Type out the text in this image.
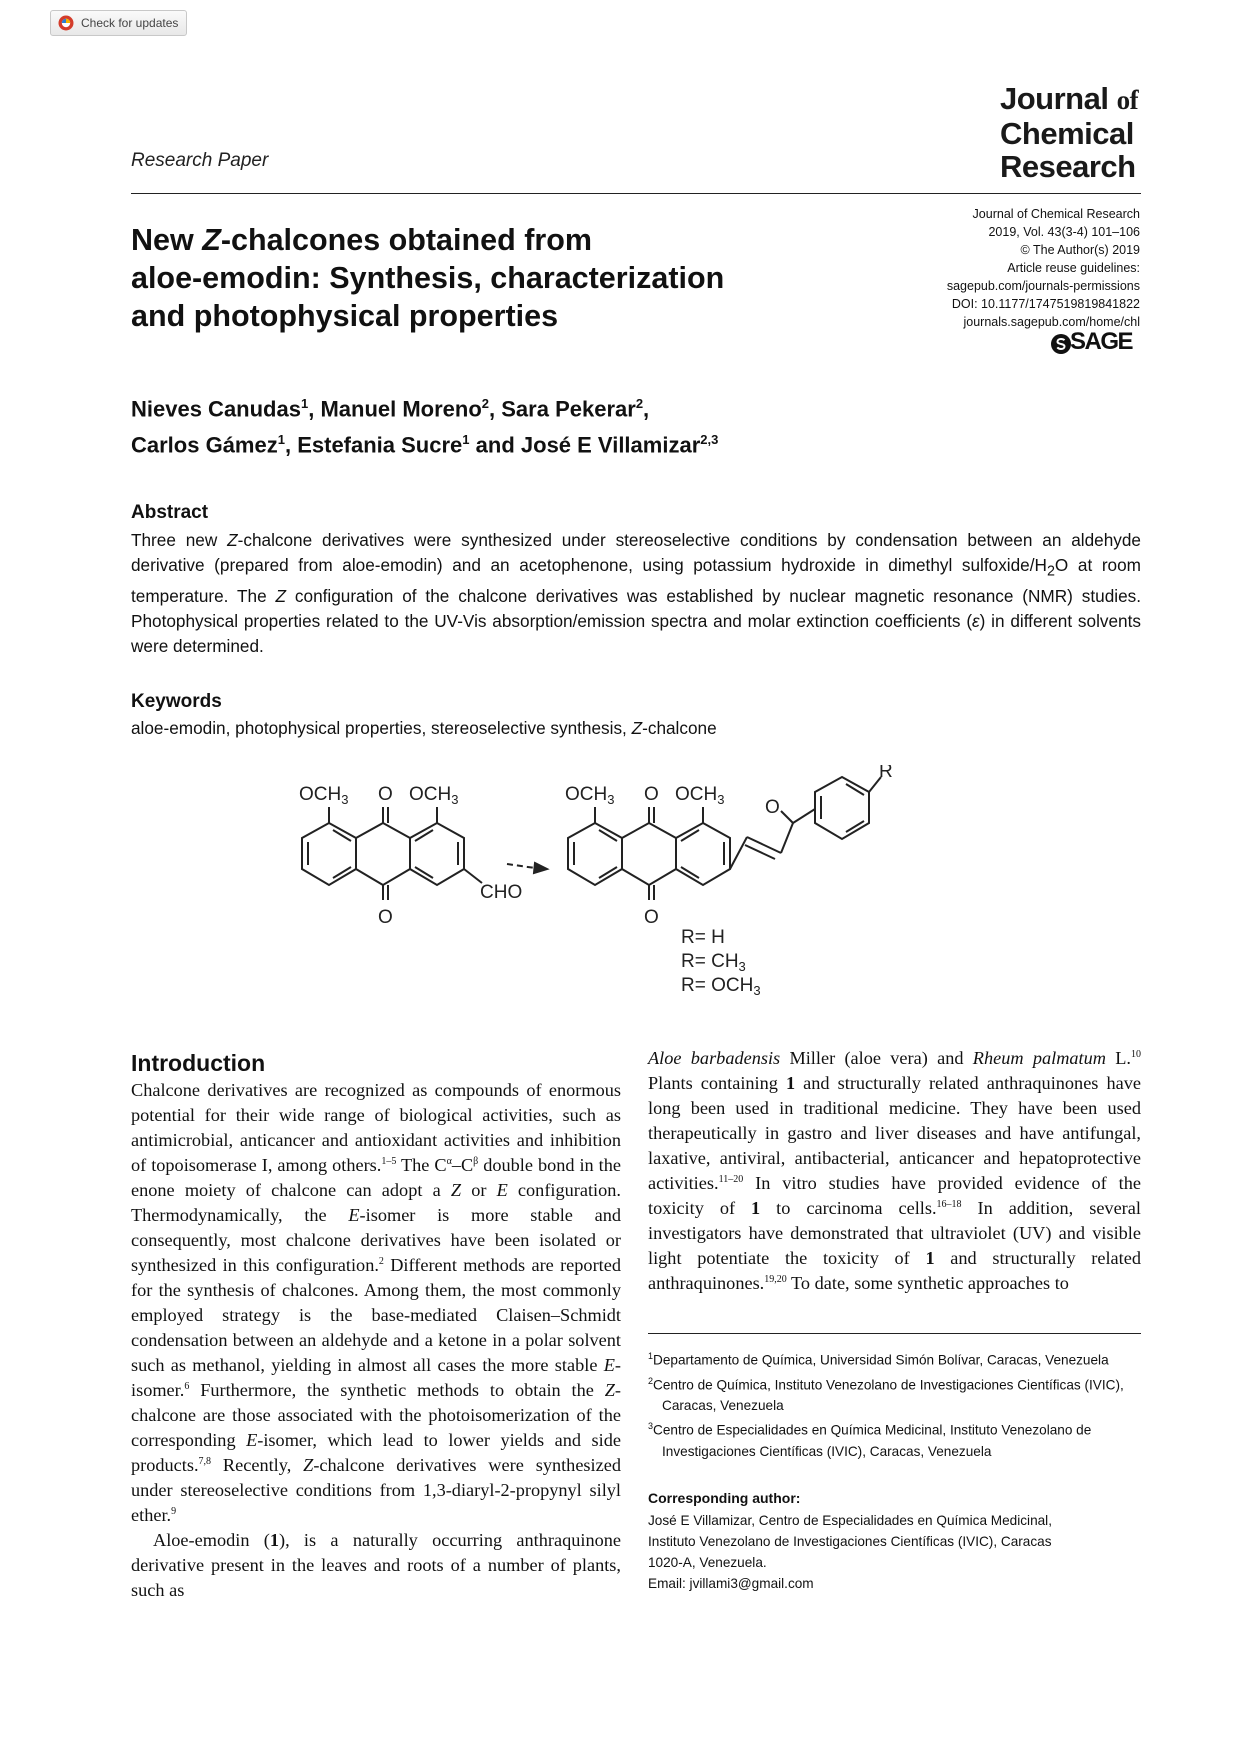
Check for updates
Research Paper
Journal of
Chemical
Research
Journal of Chemical Research
2019, Vol. 43(3-4) 101–106
© The Author(s) 2019
Article reuse guidelines:
sagepub.com/journals-permissions
DOI: 10.1177/1747519819841822
journals.sagepub.com/home/chl
SAGE
New Z-chalcones obtained from
aloe-emodin: Synthesis, characterization
and photophysical properties
Nieves Canudas$^1$, Manuel Moreno$^2$, Sara Pekerar$^2$,
Carlos Gámez$^1$, Estefania Sucre$^1$ and José E Villamizar$^{2,3}$
Abstract
Three new Z-chalcone derivatives were synthesized under stereoselective conditions by condensation between an aldehyde derivative (prepared from aloe-emodin) and an acetophenone, using potassium hydroxide in dimethyl sulfoxide/$H_2O$ at room temperature. The Z configuration of the chalcone derivatives was established by nuclear magnetic resonance (NMR) studies. Photophysical properties related to the UV-Vis absorption/emission spectra and molar extinction coefficients (ε) in different solvents were determined.
Keywords
aloe-emodin, photophysical properties, stereoselective synthesis, Z-chalcone
$OCH_3$ O $OCH_3$
CHO
O
$OCH_3$ O $OCH_3$
O
O
R
R= H
$R= CH_3$
$R= OCH_3$
Introduction

Chalcone derivatives are recognized as compounds of enormous potential for their wide range of biological activities, such as antimicrobial, anticancer and antioxidant activities and inhibition of topoisomerase I, among others.$^{1-5}$ The $C^\alpha-C^\beta$ double bond in the enone moiety of chalcone can adopt a Z or E configuration. Thermodynamically, the E-isomer is more stable and consequently, most chalcone derivatives have been isolated or synthesized in this configuration.$^2$ Different methods are reported for the synthesis of chalcones. Among them, the most commonly employed strategy is the base-mediated Claisen–Schmidt condensation between an aldehyde and a ketone in a polar solvent such as methanol, yielding in almost all cases the more stable E-isomer.$^6$ Furthermore, the synthetic methods to obtain the Z-chalcone are those associated with the photoisomerization of the corresponding E-isomer, which lead to lower yields and side products.$^{7,8}$ Recently, Z-chalcone derivatives were synthesized under stereoselective conditions from 1,3-diaryl-2-propynyl silyl ether.$^9$

Aloe-emodin (1), is a naturally occurring anthraquinone derivative present in the leaves and roots of a number of plants, such as

Aloe barbadensis Miller (aloe vera) and Rheum palmatum L.$^{10}$ Plants containing 1 and structurally related anthraquinones have long been used in traditional medicine. They have been used therapeutically in gastro and liver diseases and have antifungal, laxative, antiviral, antibacterial, anticancer and hepatoprotective activities.$^{11-20}$ In vitro studies have provided evidence of the toxicity of 1 to carcinoma cells.$^{16-18}$ In addition, several investigators have demonstrated that ultraviolet (UV) and visible light potentiate the toxicity of 1 and structurally related anthraquinones.$^{19,20}$ To date, some synthetic approaches to

$^1$Departamento de Química, Universidad Simón Bolívar, Caracas, Venezuela
$^2$Centro de Química, Instituto Venezolano de Investigaciones Científicas (IVIC), Caracas, Venezuela
$^3$Centro de Especialidades en Química Medicinal, Instituto Venezolano de Investigaciones Científicas (IVIC), Caracas, Venezuela
Corresponding author:
José E Villamizar, Centro de Especialidades en Química Medicinal,
Instituto Venezolano de Investigaciones Científicas (IVIC), Caracas
1020-A, Venezuela.
Email: jvillami3@gmail.com
